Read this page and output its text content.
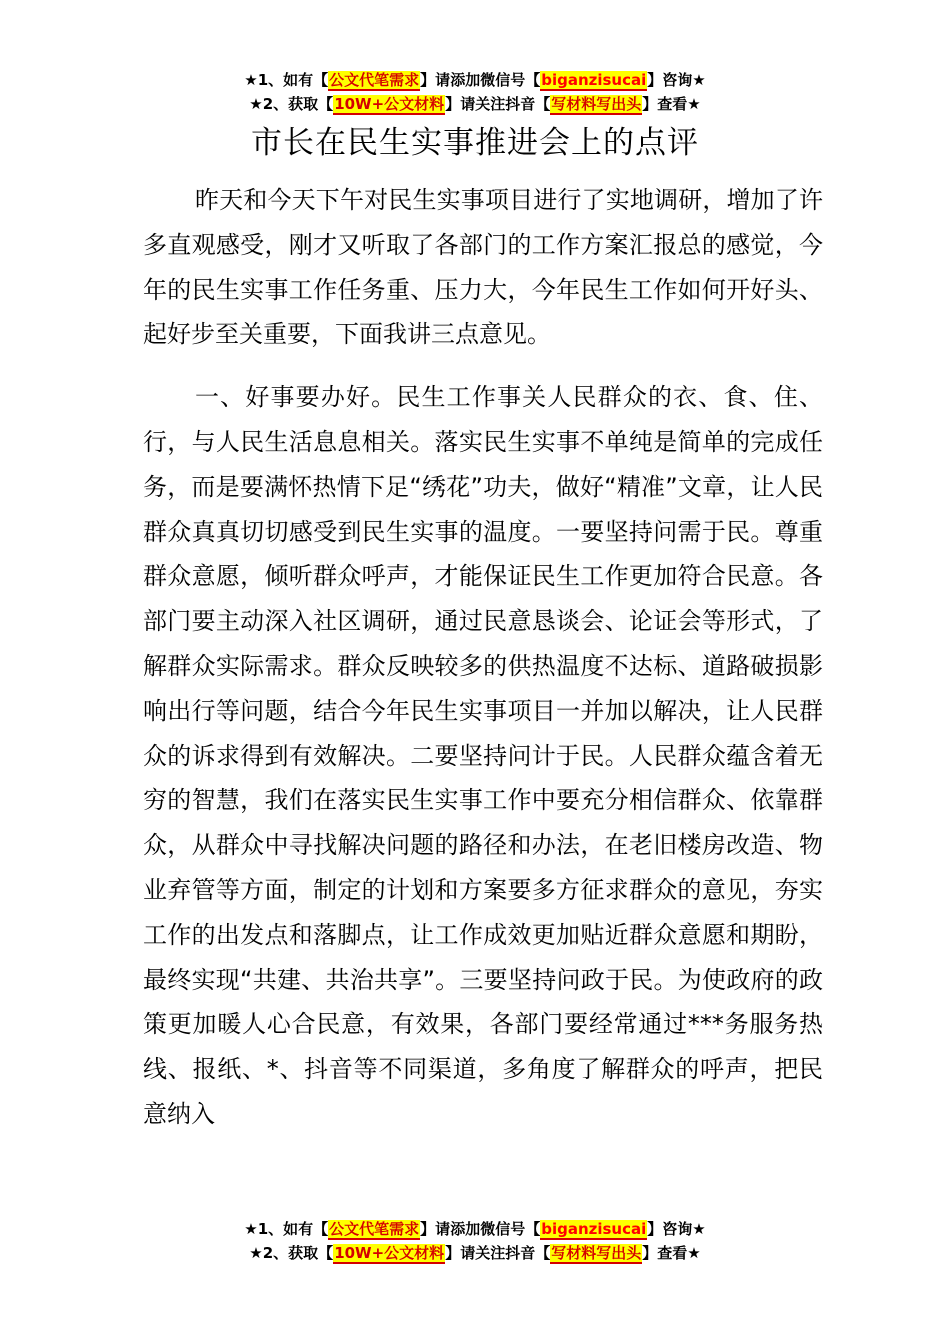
★1、如有【公文代笔需求】请添加微信号【biganzisucai】咨询★
★2、获取【10W+公文材料】请关注抖音【写材料写出头】查看★
市长在民生实事推进会上的点评

昨天和今天下午对民生实事项目进行了实地调研，增加了许多直观感受，刚才又听取了各部门的工作方案汇报总的感觉，今年的民生实事工作任务重、压力大，今年民生工作如何开好头、起好步至关重要，下面我讲三点意见。

一、好事要办好。民生工作事关人民群众的衣、食、住、行，与人民生活息息相关。落实民生实事不单纯是简单的完成任务，而是要满怀热情下足“绣花”功夫，做好“精准”文章，让人民群众真真切切感受到民生实事的温度。一要坚持问需于民。尊重群众意愿，倾听群众呼声，才能保证民生工作更加符合民意。各部门要主动深入社区调研，通过民意恳谈会、论证会等形式，了解群众实际需求。群众反映较多的供热温度不达标、道路破损影响出行等问题，结合今年民生实事项目一并加以解决，让人民群众的诉求得到有效解决。二要坚持问计于民。人民群众蕴含着无穷的智慧，我们在落实民生实事工作中要充分相信群众、依靠群众，从群众中寻找解决问题的路径和办法，在老旧楼房改造、物业弃管等方面，制定的计划和方案要多方征求群众的意见，夯实工作的出发点和落脚点，让工作成效更加贴近群众意愿和期盼，最终实现“共建、共治共享”。三要坚持问政于民。为使政府的政策更加暖人心合民意，有效果，各部门要经常通过***务服务热线、报纸、*、抖音等不同渠道，多角度了解群众的呼声，把民意纳入

★1、如有【公文代笔需求】请添加微信号【biganzisucai】咨询★
★2、获取【10W+公文材料】请关注抖音【写材料写出头】查看★
